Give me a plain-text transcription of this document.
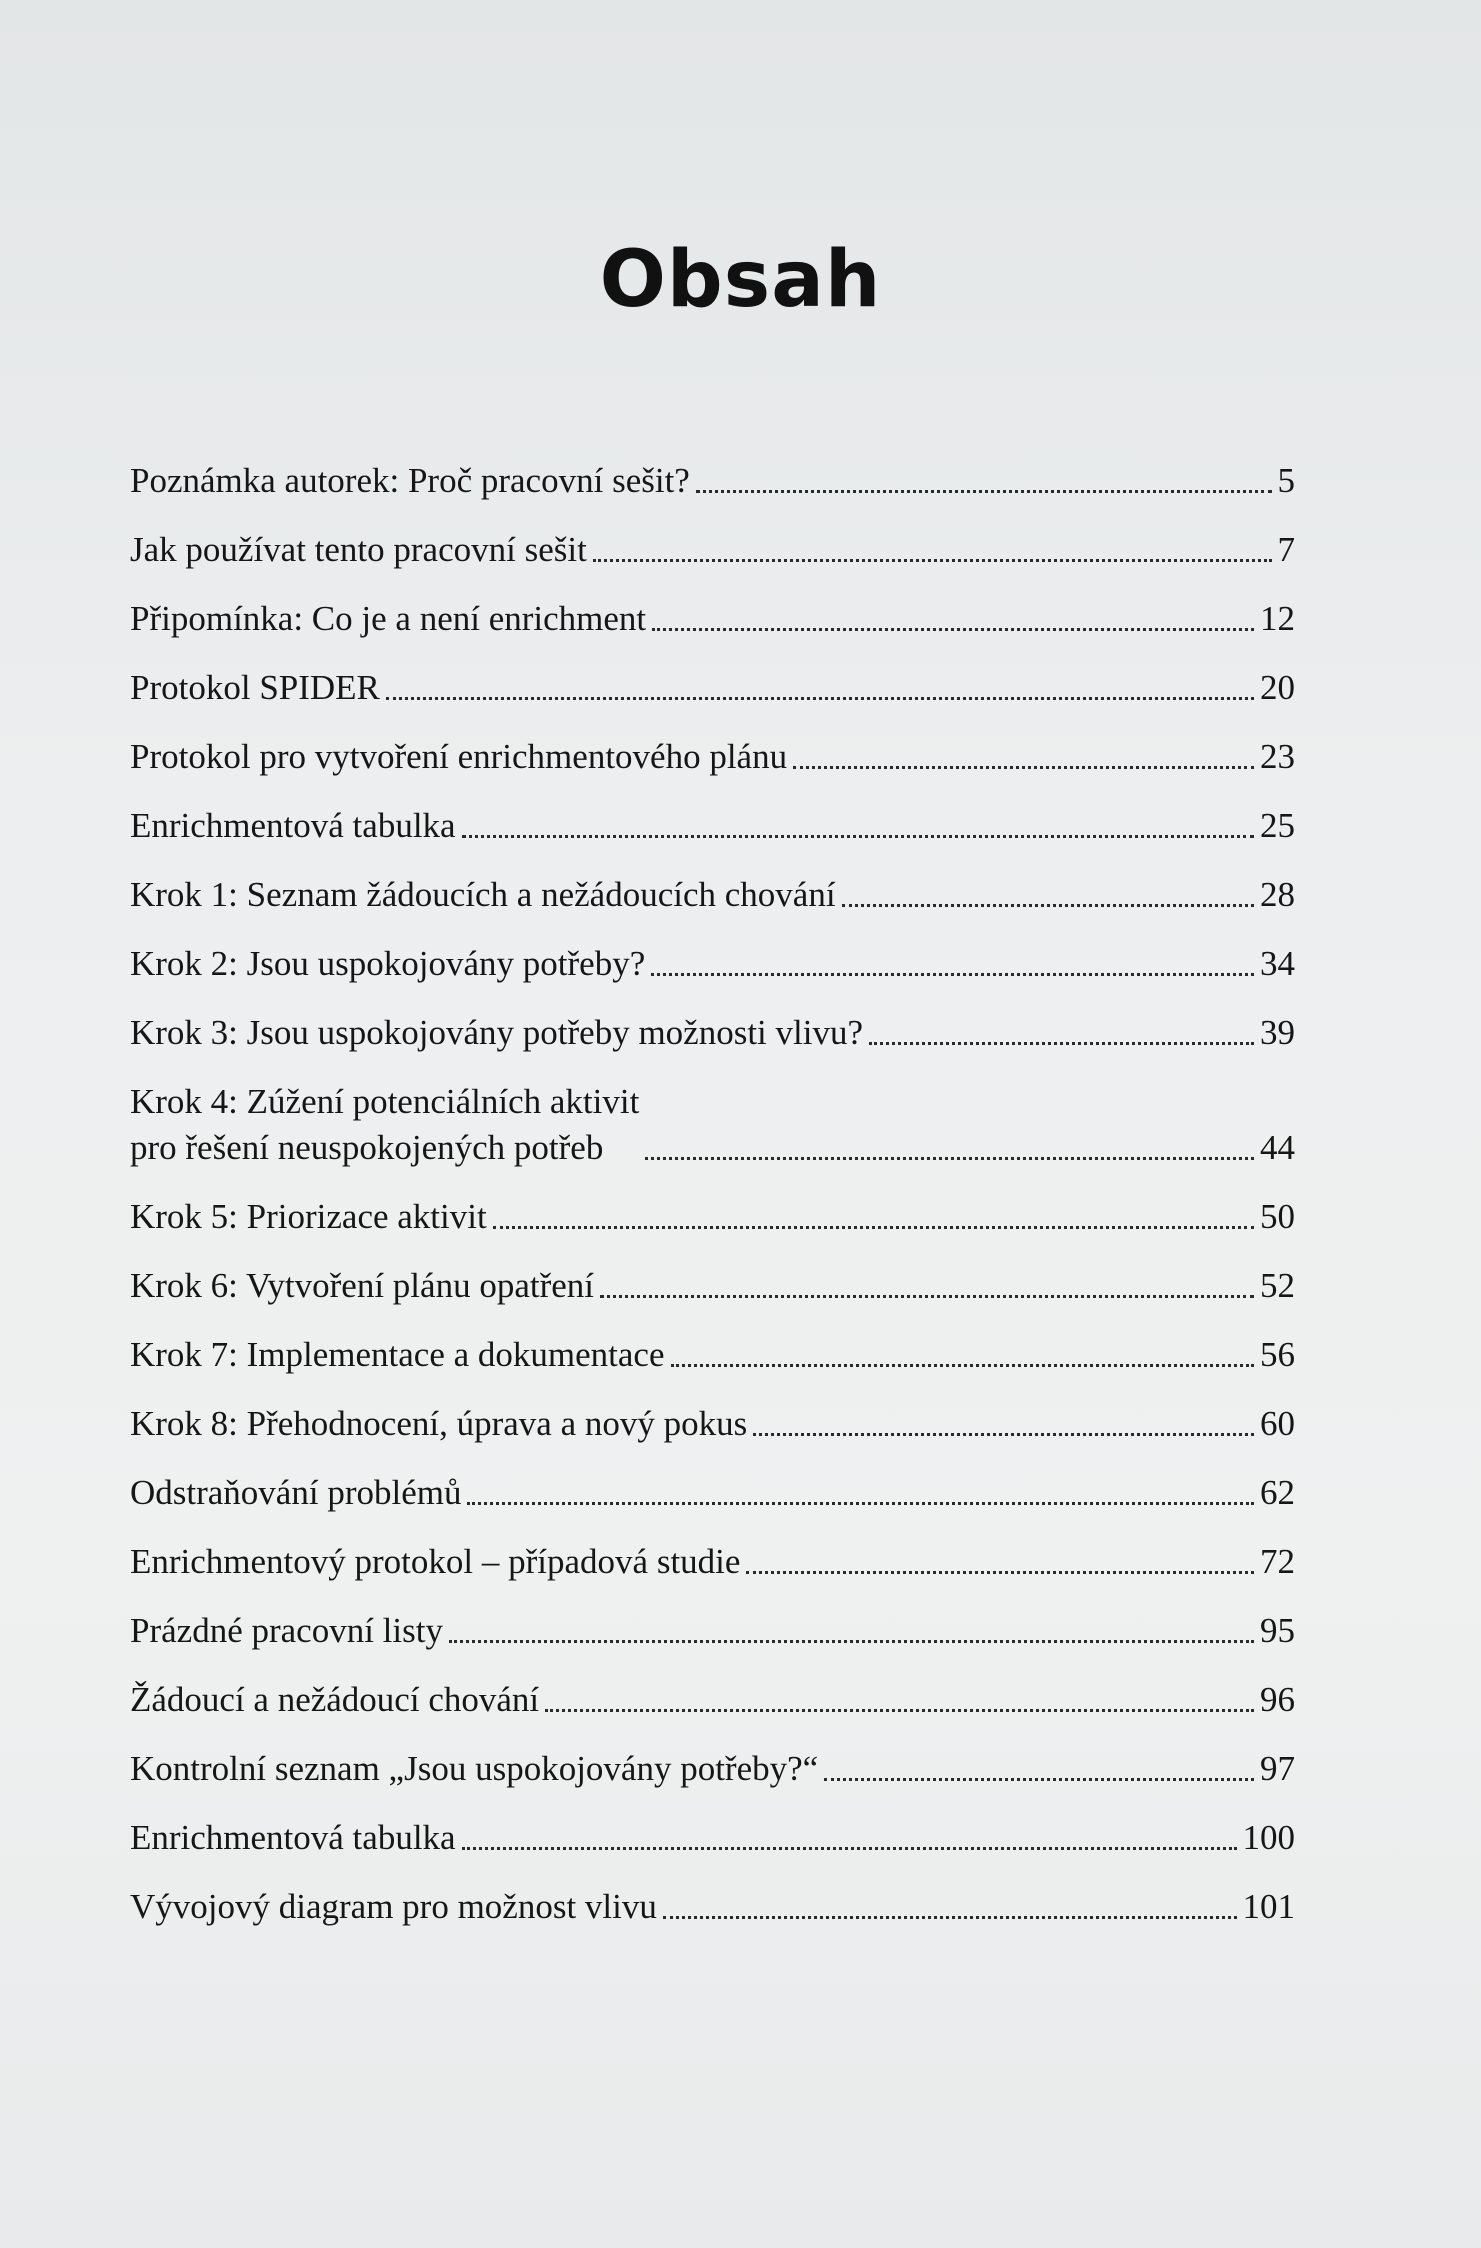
Obsah
Poznámka autorek: Proč pracovní sešit?	5
Jak používat tento pracovní sešit	7
Připomínka: Co je a není enrichment	12
Protokol SPIDER	20
Protokol pro vytvoření enrichmentového plánu	23
Enrichmentová tabulka	25
Krok 1: Seznam žádoucích a nežádoucích chování	28
Krok 2: Jsou uspokojovány potřeby?	34
Krok 3: Jsou uspokojovány potřeby možnosti vlivu?	39
Krok 4: Zúžení potenciálních aktivit
pro řešení neuspokojených potřeb	44
Krok 5: Priorizace aktivit	50
Krok 6: Vytvoření plánu opatření	52
Krok 7: Implementace a dokumentace	56
Krok 8: Přehodnocení, úprava a nový pokus	60
Odstraňování problémů	62
Enrichmentový protokol – případová studie	72
Prázdné pracovní listy	95
Žádoucí a nežádoucí chování	96
Kontrolní seznam „Jsou uspokojovány potřeby?“	97
Enrichmentová tabulka	100
Vývojový diagram pro možnost vlivu	101
